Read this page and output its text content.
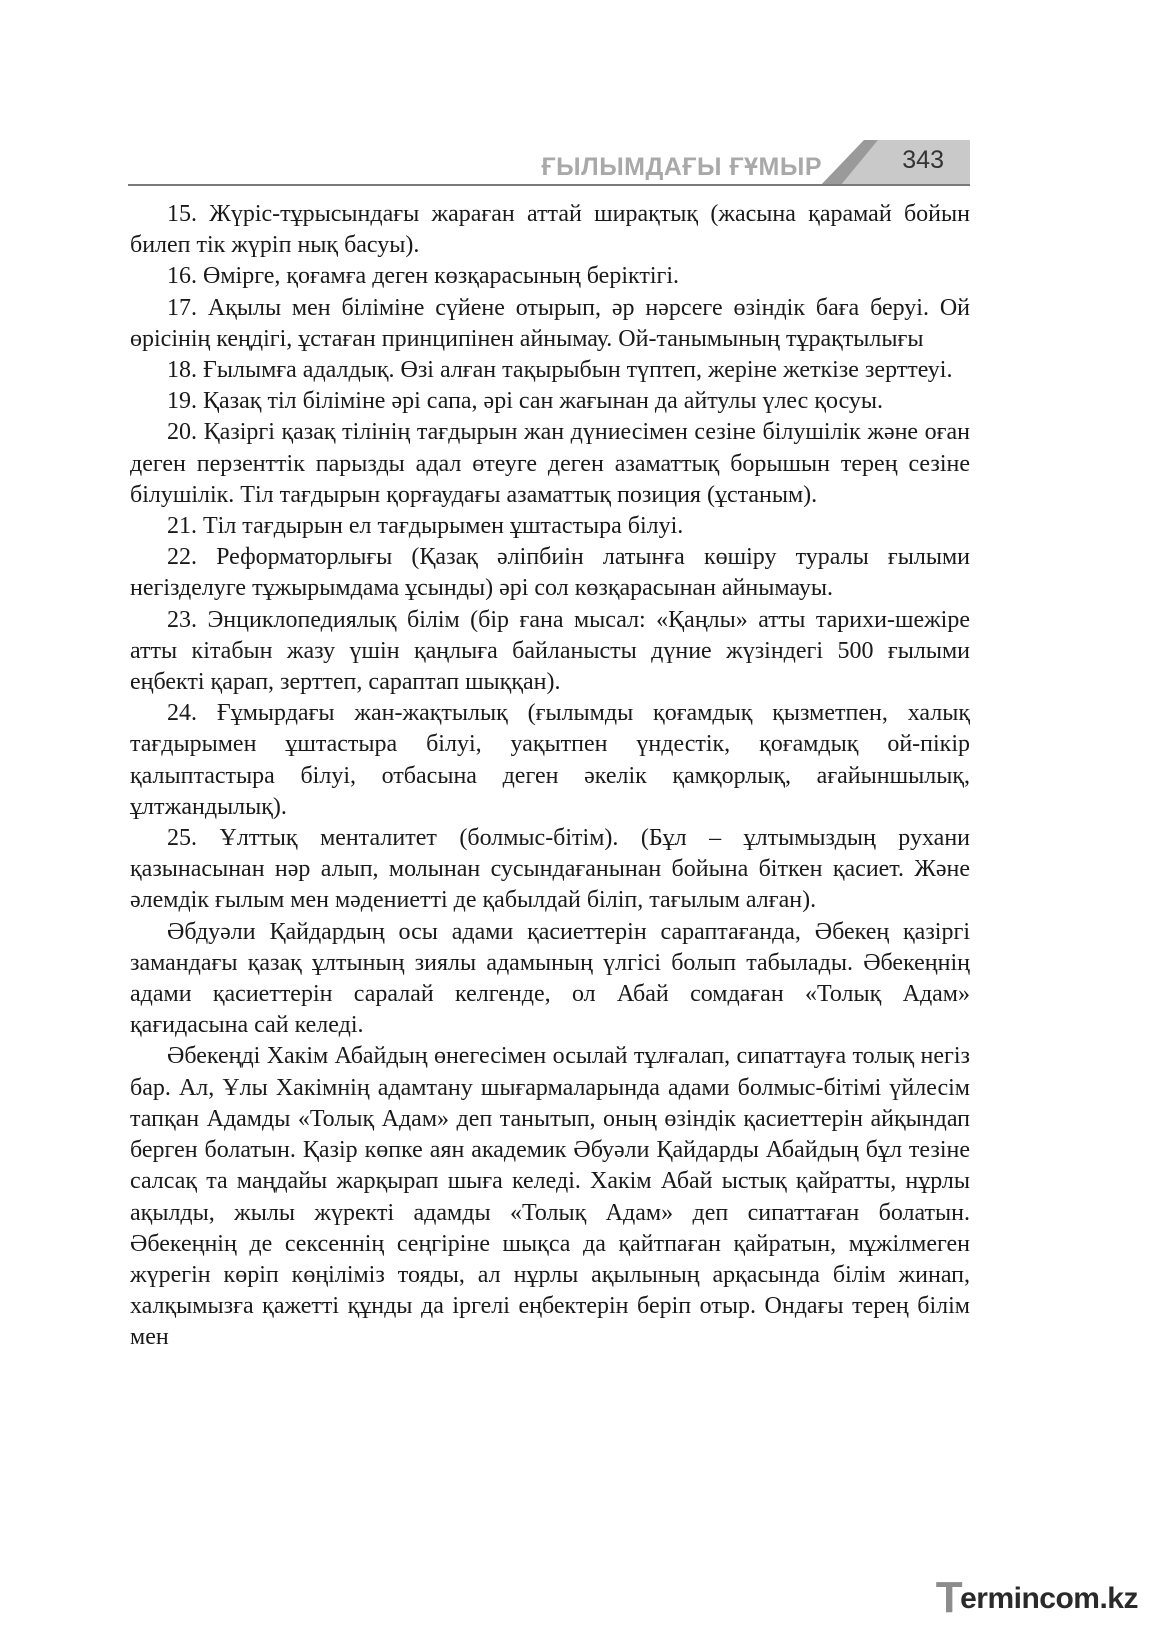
ҒЫЛЫМДАҒЫ ҒҰМЫР	343

15. Жүріс-тұрысындағы жараған аттай ширақтық (жасына қарамай бойын билеп тік жүріп нық басуы).

16. Өмірге, қоғамға деген көзқарасының беріктігі.

17. Ақылы мен біліміне сүйене отырып, әр нәрсеге өзіндік баға беруі. Ой өрісінің кеңдігі, ұстаған принципінен айнымау. Ой-танымының тұрақтылығы

18. Ғылымға адалдық. Өзі алған тақырыбын түптеп, жеріне жеткізе зерттеуі.

19. Қазақ тіл біліміне әрі сапа, әрі сан жағынан да айтулы үлес қосуы.

20. Қазіргі қазақ тілінің тағдырын жан дүниесімен сезіне білушілік және оған деген перзенттік парызды адал өтеуге деген азаматтық борышын терең сезіне білушілік. Тіл тағдырын қорғаудағы азаматтық позиция (ұстаным).

21. Тіл тағдырын ел тағдырымен ұштастыра білуі.

22. Реформаторлығы (Қазақ әліпбиін латынға көшіру туралы ғылыми негізделуге тұжырымдама ұсынды) әрі сол көзқарасынан айнымауы.

23. Энциклопедиялық білім (бір ғана мысал: «Қаңлы» атты тарихи-шежіре атты кітабын жазу үшін қаңлыға байланысты дүние жүзіндегі 500 ғылыми еңбекті қарап, зерттеп, сараптап шыққан).

24. Ғұмырдағы жан-жақтылық (ғылымды қоғамдық қызметпен, халық тағдырымен ұштастыра білуі, уақытпен үндестік, қоғамдық ой-пікір қалыптастыра білуі, отбасына деген әкелік қамқорлық, ағайыншылық, ұлтжандылық).

25. Ұлттық менталитет (болмыс-бітім). (Бұл – ұлтымыздың рухани қазынасынан нәр алып, молынан сусындағанынан бойына біткен қасиет. Және әлемдік ғылым мен мәдениетті де қабылдай біліп, тағылым алған).

Әбдуәли Қайдардың осы адами қасиеттерін сараптағанда, Әбекең қазіргі замандағы қазақ ұлтының зиялы адамының үлгісі болып табылады. Әбекеңнің адами қасиеттерін саралай келгенде, ол Абай сомдаған «Толық Адам» қағидасына сай келеді.

Әбекеңді Хакім Абайдың өнегесімен осылай тұлғалап, сипаттауға толық негіз бар. Ал, Ұлы Хакімнің адамтану шығармаларында адами болмыс-бітімі үйлесім тапқан Адамды «Толық Адам» деп танытып, оның өзіндік қасиеттерін айқындап берген болатын. Қазір көпке аян академик Әбуәли Қайдарды Абайдың бұл тезіне салсақ та маңдайы жарқырап шыға келеді. Хакім Абай ыстық қайратты, нұрлы ақылды, жылы жүректі адамды «Толық Адам» деп сипаттаған болатын. Әбекеңнің де сексеннің сеңгіріне шықса да қайтпаған қайратын, мұжілмеген жүрегін көріп көңіліміз тояды, ал нұрлы ақылының арқасында білім жинап, халқымызға қажетті құнды да іргелі еңбектерін беріп отыр. Ондағы терең білім мен

Termincom.kz
